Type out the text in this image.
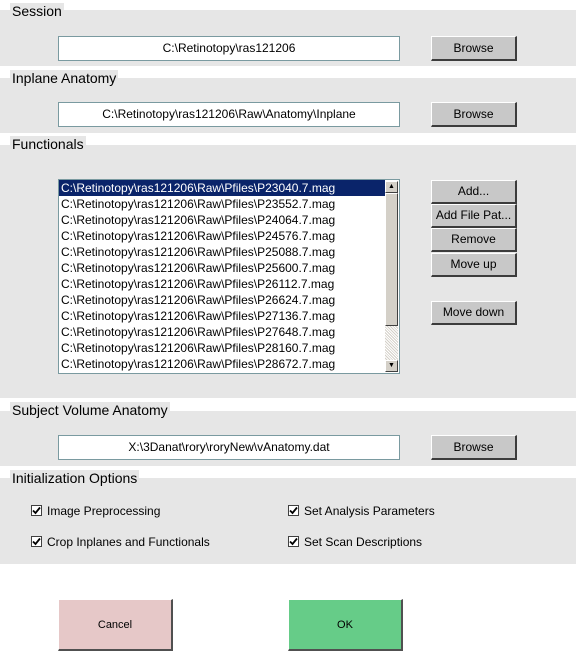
Session
C:\Retinotopy\ras121206	Browse
Inplane Anatomy
C:\Retinotopy\ras121206\Raw\Anatomy\Inplane	Browse
Functionals
C:\Retinotopy\ras121206\Raw\Pfiles\P23040.7.mag
C:\Retinotopy\ras121206\Raw\Pfiles\P23552.7.mag
C:\Retinotopy\ras121206\Raw\Pfiles\P24064.7.mag
C:\Retinotopy\ras121206\Raw\Pfiles\P24576.7.mag
C:\Retinotopy\ras121206\Raw\Pfiles\P25088.7.mag
C:\Retinotopy\ras121206\Raw\Pfiles\P25600.7.mag
C:\Retinotopy\ras121206\Raw\Pfiles\P26112.7.mag
C:\Retinotopy\ras121206\Raw\Pfiles\P26624.7.mag
C:\Retinotopy\ras121206\Raw\Pfiles\P27136.7.mag
C:\Retinotopy\ras121206\Raw\Pfiles\P27648.7.mag
C:\Retinotopy\ras121206\Raw\Pfiles\P28160.7.mag
C:\Retinotopy\ras121206\Raw\Pfiles\P28672.7.mag
▲
▼
Add...
Add File Pat...
Remove
Move up
Move down
Subject Volume Anatomy
X:\3Danat\rory\roryNew\vAnatomy.dat	Browse
Initialization Options
Image Preprocessing
Crop Inplanes and Functionals
Set Analysis Parameters
Set Scan Descriptions
Cancel	OK
